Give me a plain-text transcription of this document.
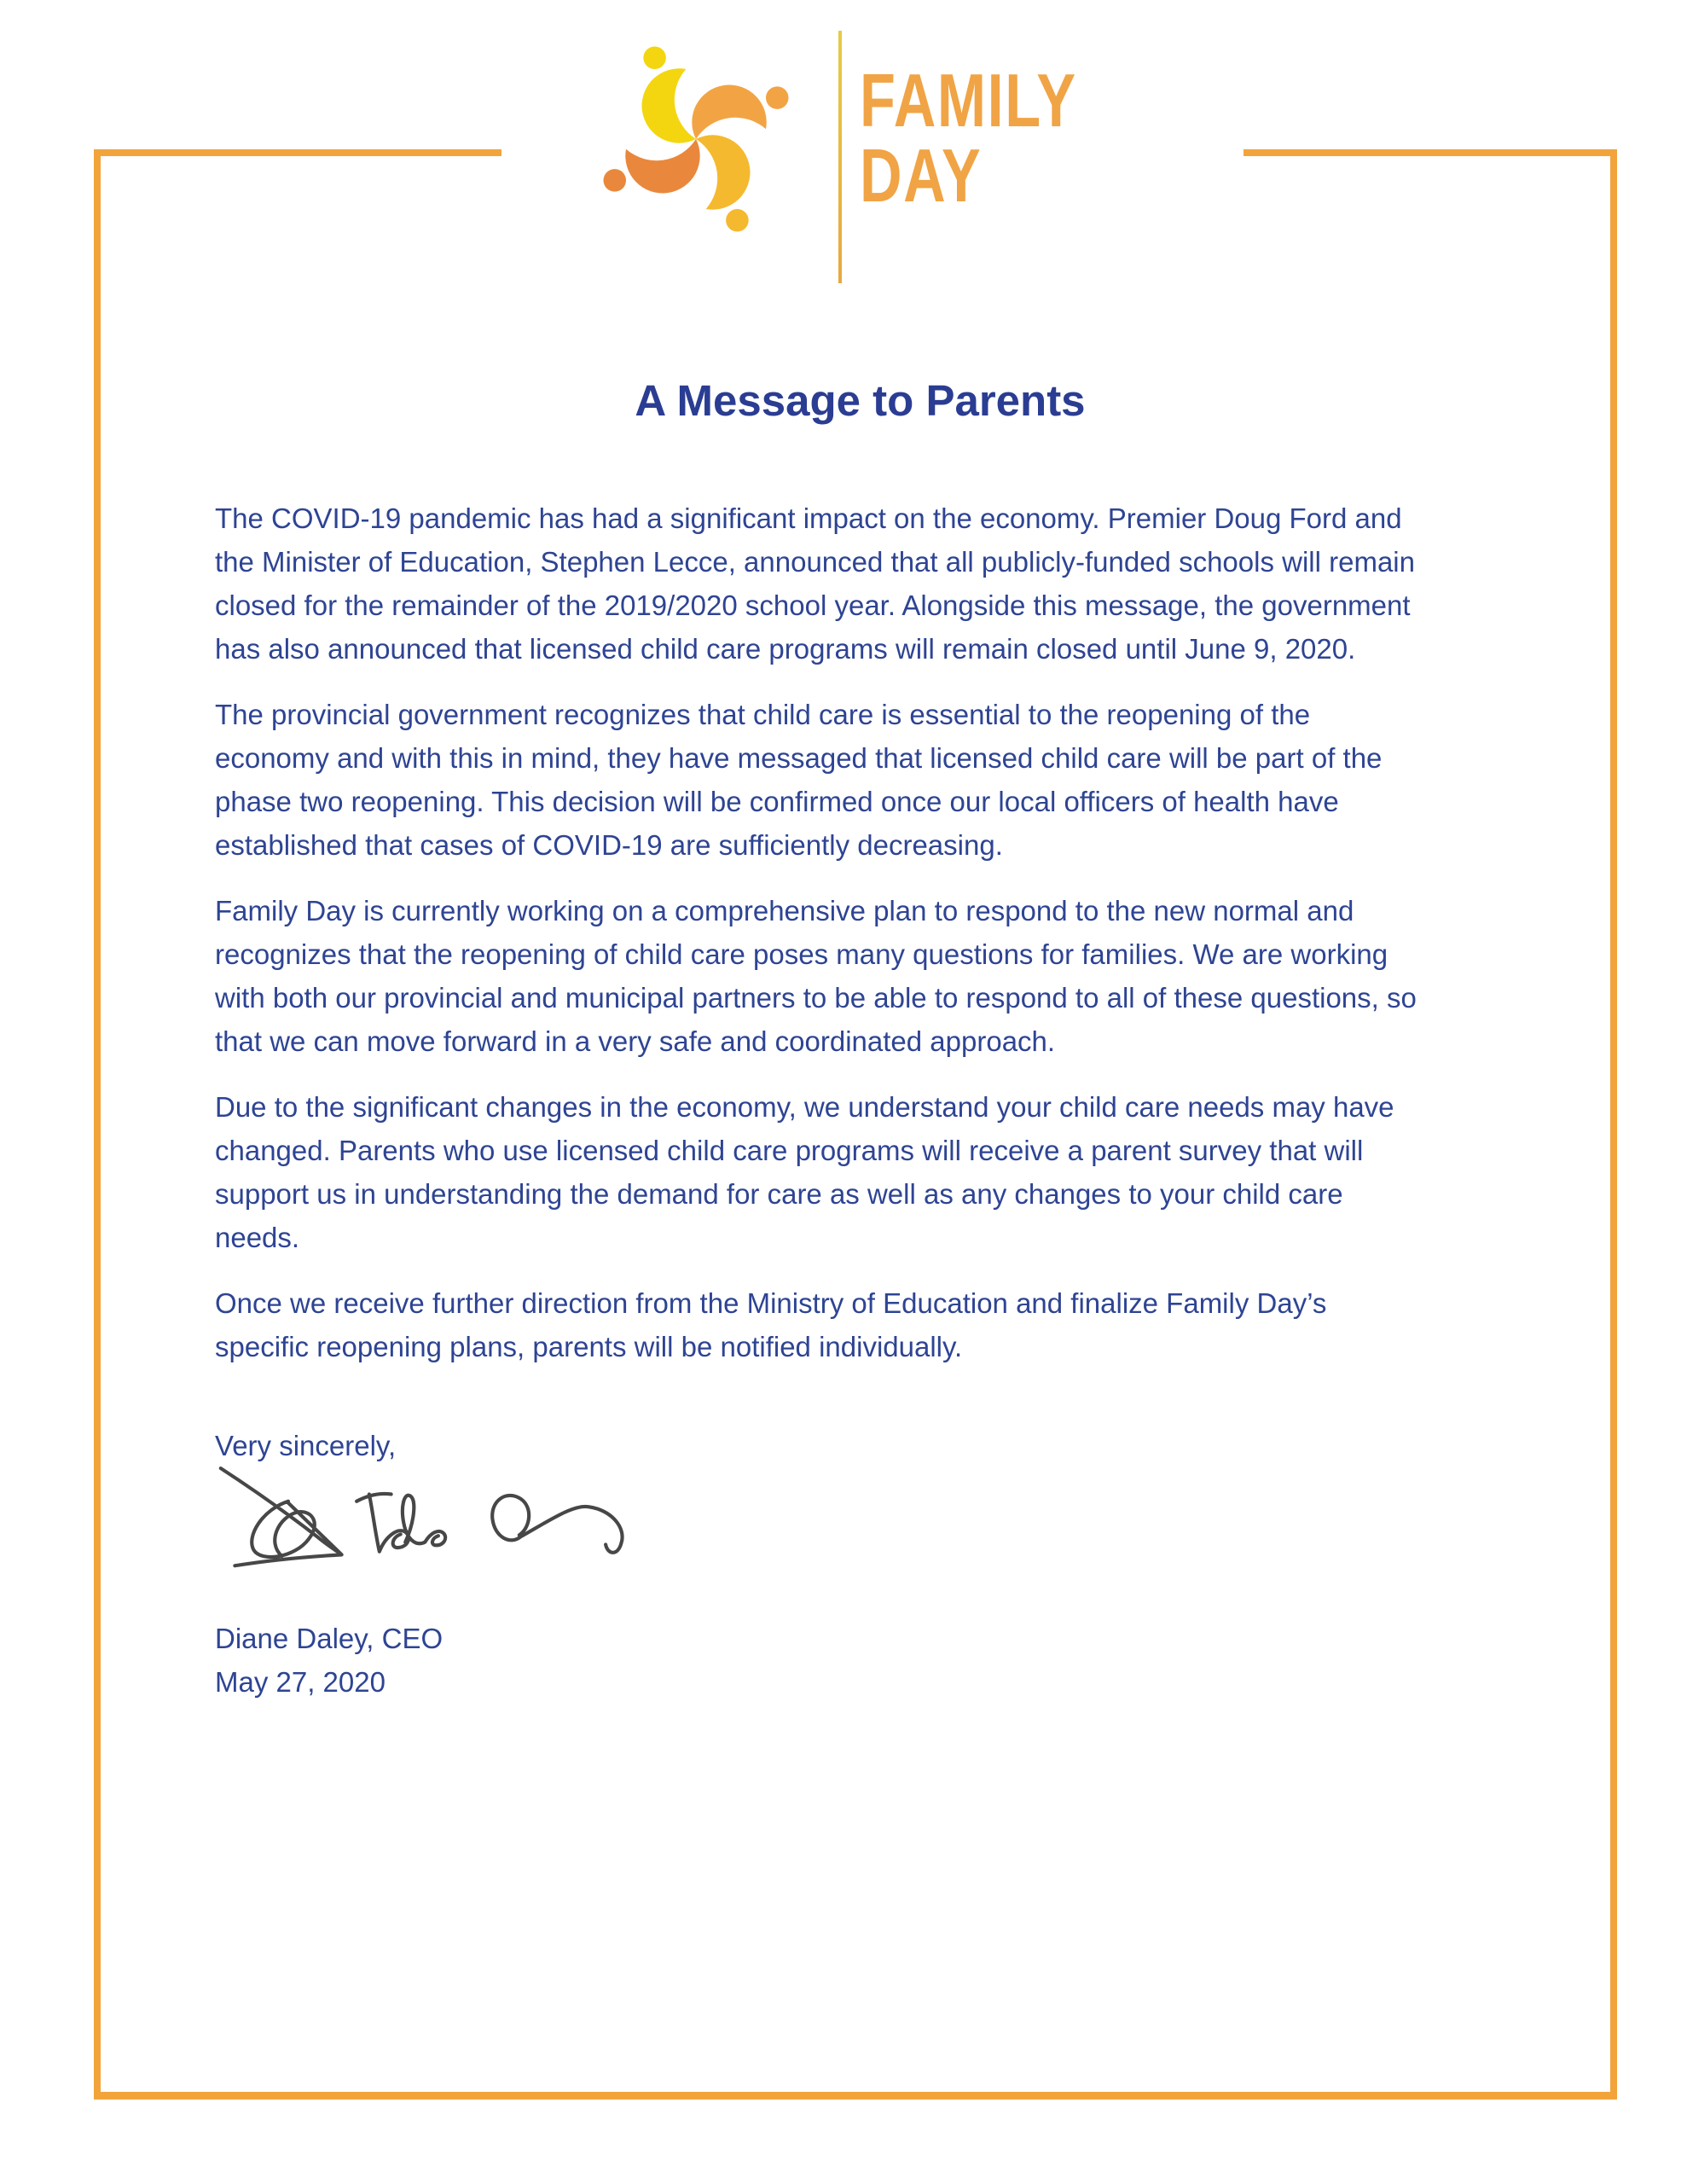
FAMILY
DAY
A Message to Parents

The COVID-19 pandemic has had a significant impact on the economy. Premier Doug Ford and
the Minister of Education, Stephen Lecce, announced that all publicly-funded schools will remain
closed for the remainder of the 2019/2020 school year. Alongside this message, the government
has also announced that licensed child care programs will remain closed until June 9, 2020.

The provincial government recognizes that child care is essential to the reopening of the
economy and with this in mind, they have messaged that licensed child care will be part of the
phase two reopening. This decision will be confirmed once our local officers of health have
established that cases of COVID-19 are sufficiently decreasing.

Family Day is currently working on a comprehensive plan to respond to the new normal and
recognizes that the reopening of child care poses many questions for families. We are working
with both our provincial and municipal partners to be able to respond to all of these questions, so
that we can move forward in a very safe and coordinated approach.

Due to the significant changes in the economy, we understand your child care needs may have
changed. Parents who use licensed child care programs will receive a parent survey that will
support us in understanding the demand for care as well as any changes to your child care
needs.

Once we receive further direction from the Ministry of Education and finalize Family Day’s
specific reopening plans, parents will be notified individually.

Very sincerely,
Diane Daley, CEO
May 27, 2020
